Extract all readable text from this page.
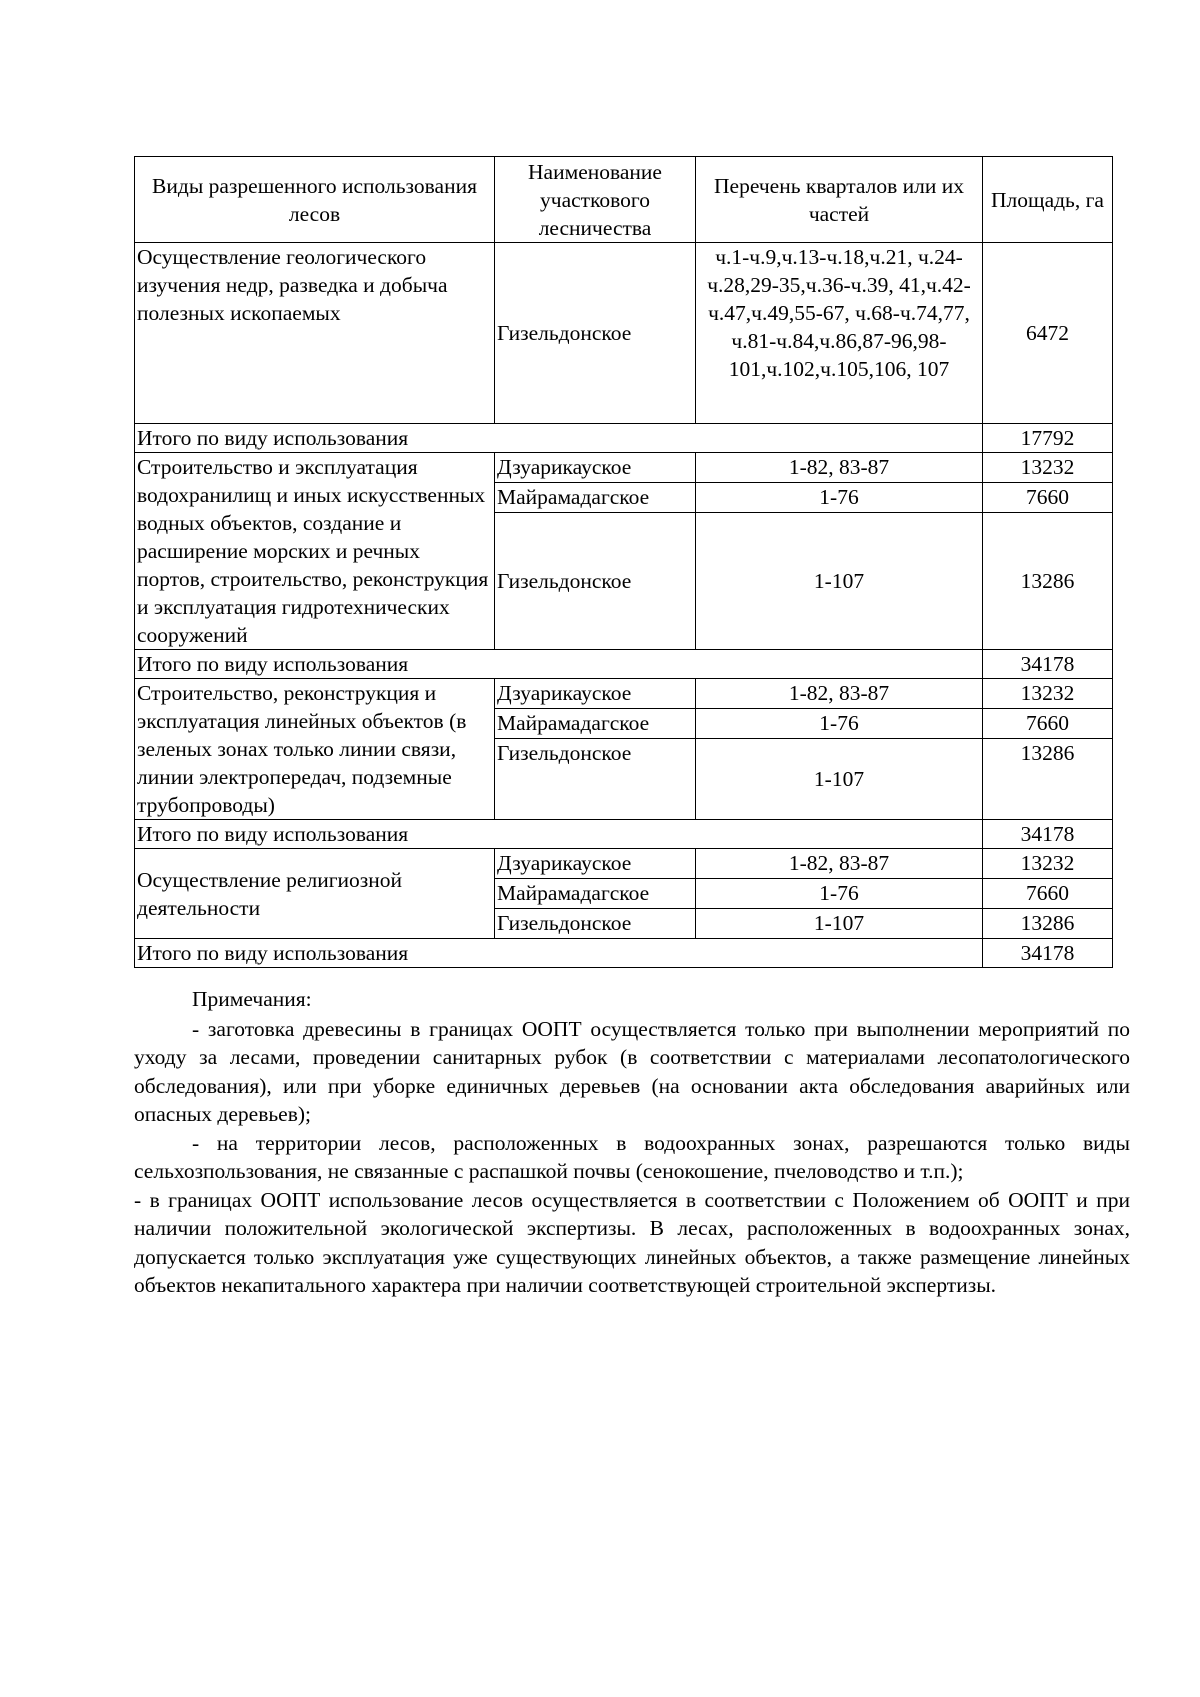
Виды разрешенного использования лесов	Наименование участкового лесничества	Перечень кварталов или их частей	Площадь, га
Осуществление геологического изучения недр, разведка и добыча полезных ископаемых	Гизельдонское	ч.1-ч.9,ч.13-ч.18,ч.21, ч.24-ч.28,29-35,ч.36-ч.39, 41,ч.42-ч.47,ч.49,55-67, ч.68-ч.74,77, ч.81-ч.84,ч.86,87-96,98-101,ч.102,ч.105,106, 107	6472
Итого по виду использования			17792
Строительство и эксплуатация водохранилищ и иных искусственных водных объектов, создание и расширение морских и речных портов, строительство, реконструкция и эксплуатация гидротехнических сооружений	Дзуарикауское	1-82, 83-87	13232
	Майрамадагское	1-76	7660
	Гизельдонское	1-107	13286
Итого по виду использования			34178
Строительство, реконструкция и эксплуатация линейных объектов (в зеленых зонах только линии связи, линии электропередач, подземные трубопроводы)	Дзуарикауское	1-82, 83-87	13232
	Майрамадагское	1-76	7660
	Гизельдонское	1-107	13286
Итого по виду использования			34178
Осуществление религиозной деятельности	Дзуарикауское	1-82, 83-87	13232
	Майрамадагское	1-76	7660
	Гизельдонское	1-107	13286
Итого по виду использования			34178

Примечания:

- заготовка древесины в границах ООПТ осуществляется только при выполнении мероприятий по уходу за лесами, проведении санитарных рубок (в соответствии с материалами лесопатологического обследования), или при уборке единичных деревьев (на основании акта обследования аварийных или опасных деревьев);

- на территории лесов, расположенных в водоохранных зонах, разрешаются только виды сельхозпользования, не связанные с распашкой почвы (сенокошение, пчеловодство и т.п.);

- в границах ООПТ использование лесов осуществляется в соответствии с Положением об ООПТ и при наличии положительной экологической экспертизы. В лесах, расположенных в водоохранных зонах, допускается только эксплуатация уже существующих линейных объектов, а также размещение линейных объектов некапитального характера при наличии соответствующей строительной экспертизы.
